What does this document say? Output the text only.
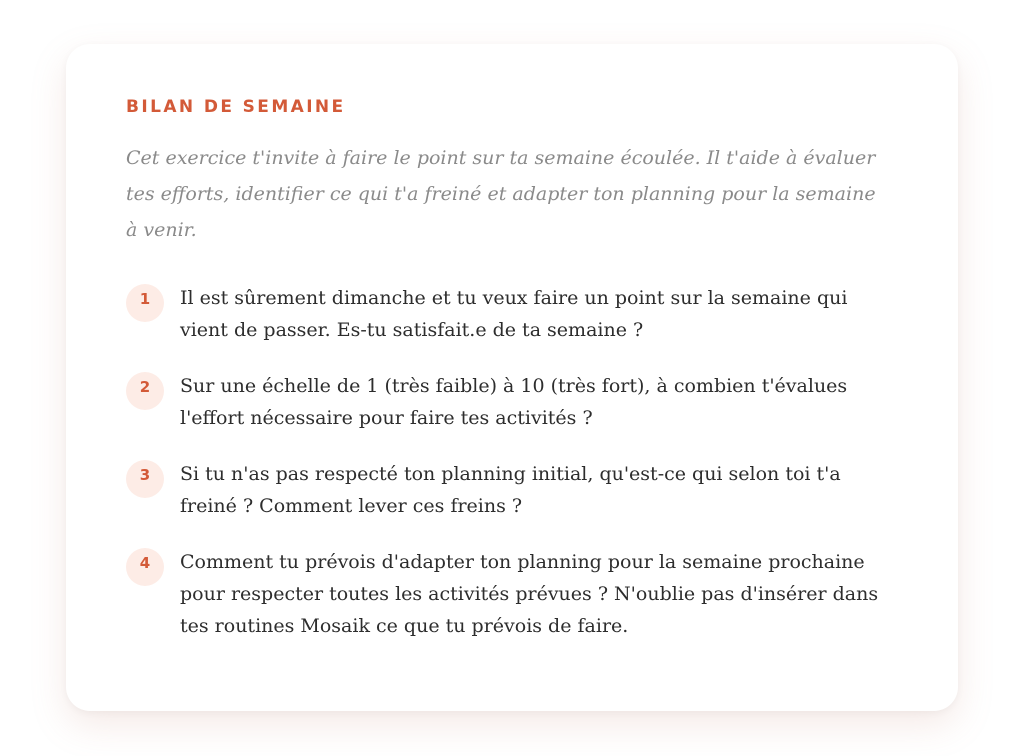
BILAN DE SEMAINE

Cet exercice t'invite à faire le point sur ta semaine écoulée. Il t'aide à évaluer tes efforts, identifier ce qui t'a freiné et adapter ton planning pour la semaine à venir.

1	Il est sûrement dimanche et tu veux faire un point sur la semaine qui vient de passer. Es-tu satisfait.e de ta semaine ?
2	Sur une échelle de 1 (très faible) à 10 (très fort), à combien t'évalues l'effort nécessaire pour faire tes activités ?
3	Si tu n'as pas respecté ton planning initial, qu'est-ce qui selon toi t'a freiné ? Comment lever ces freins ?
4	Comment tu prévois d'adapter ton planning pour la semaine prochaine pour respecter toutes les activités prévues ? N'oublie pas d'insérer dans tes routines Mosaik ce que tu prévois de faire.
